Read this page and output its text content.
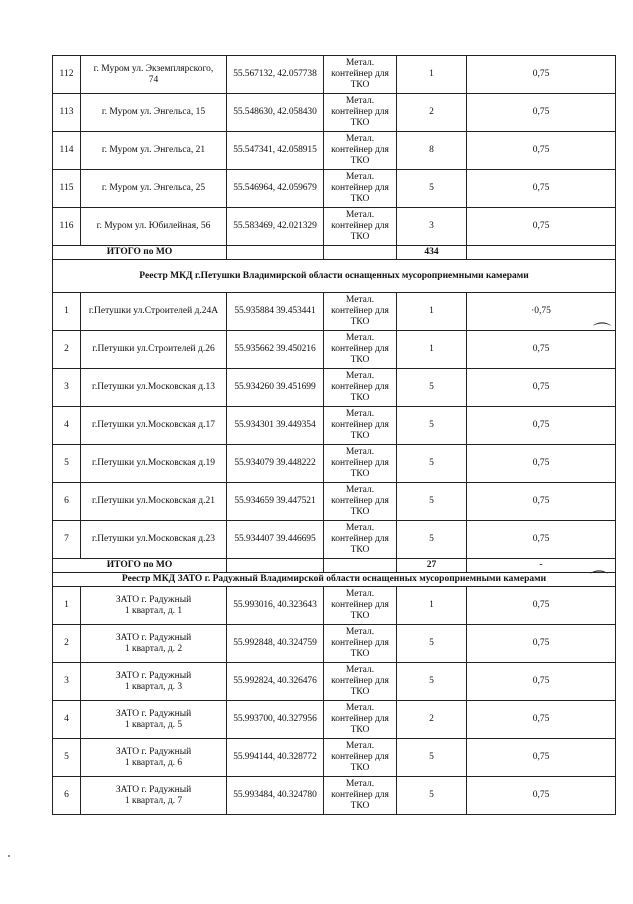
112	г. Муром ул. Экземплярского,
74	55.567132, 42.057738	Метал.
контейнер для
ТКО	1	0,75
113	г. Муром ул. Энгельса, 15	55.548630, 42.058430	Метал.
контейнер для
ТКО	2	0,75
114	г. Муром ул. Энгельса, 21	55.547341, 42.058915	Метал.
контейнер для
ТКО	8	0,75
115	г. Муром ул. Энгельса, 25	55.546964, 42.059679	Метал.
контейнер для
ТКО	5	0,75
116	г. Муром ул. Юбилейная, 56	55.583469, 42.021329	Метал.
контейнер для
ТКО	3	0,75
ИТОГО по МО				434	
Реестр МКД г.Петушки Владимирской области оснащенных мусороприемными камерами					
1	г.Петушки ул.Строителей д.24А	55.935884 39.453441	Метал.
контейнер для
ТКО	1	·0,75
2	г.Петушки ул.Строителей д.26	55.935662 39.450216	Метал.
контейнер для
ТКО	1	0,75
3	г.Петушки ул.Московская д.13	55.934260 39.451699	Метал.
контейнер для
ТКО	5	0,75
4	г.Петушки ул.Московская д.17	55.934301 39.449354	Метал.
контейнер для
ТКО	5	0,75
5	г.Петушки ул.Московская д.19	55.934079 39.448222	Метал.
контейнер для
ТКО	5	0,75
6	г.Петушки ул.Московская д.21	55.934659 39.447521	Метал.
контейнер для
ТКО	5	0,75
7	г.Петушки ул.Московская д.23	55.934407 39.446695	Метал.
контейнер для
ТКО	5	0,75
ИТОГО по МО				27	-
Реестр МКД ЗАТО г. Радужный Владимирской области оснащенных мусороприемными камерами					
1	ЗАТО г. Радужный
1 квартал, д. 1	55.993016, 40.323643	Метал.
контейнер для
ТКО	1	0,75
2	ЗАТО г. Радужный
1 квартал, д. 2	55.992848, 40.324759	Метал.
контейнер для
ТКО	5	0,75
3	ЗАТО г. Радужный
1 квартал, д. 3	55.992824, 40.326476	Метал.
контейнер для
ТКО	5	0,75
4	ЗАТО г. Радужный
1 квартал, д. 5	55.993700, 40.327956	Метал.
контейнер для
ТКО	2	0,75
5	ЗАТО г. Радужный
1 квартал, д. 6	55.994144, 40.328772	Метал.
контейнер для
ТКО	5	0,75
6	ЗАТО г. Радужный
1 квартал, д. 7	55.993484, 40.324780	Метал.
контейнер для
ТКО	5	0,75
⌒
⌒
